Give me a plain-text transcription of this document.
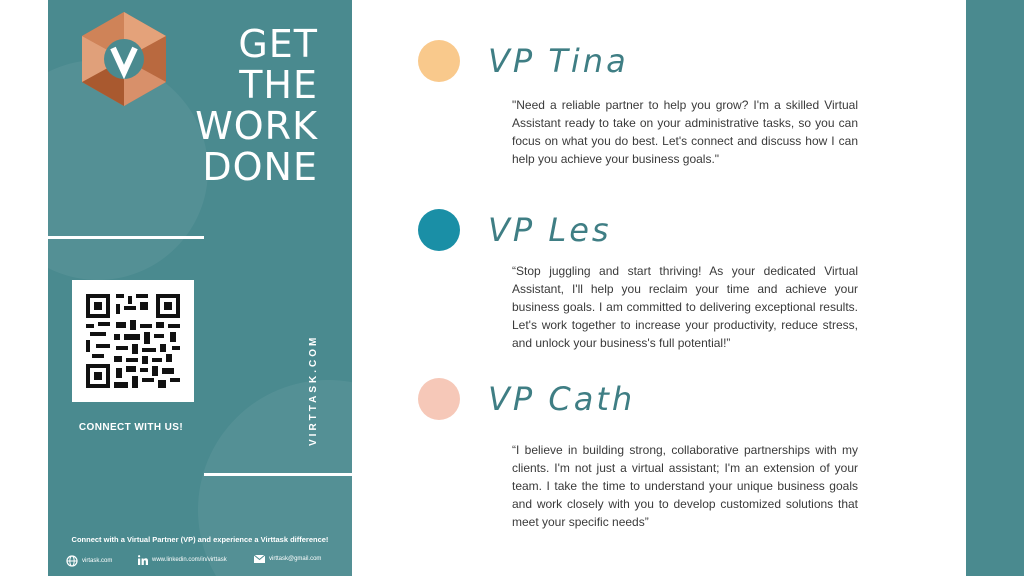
GET
THE
WORK
DONE
CONNECT WITH US!	VIRTTASK.COM
Connect with a Virtual Partner (VP) and experience a Virttask difference!
virtask.com	www.linkedin.com/in/virttask	virttask@gmail.com
VP Tina
"Need a reliable partner to help you grow? I'm a skilled Virtual Assistant ready to take on your administrative tasks, so you can focus on what you do best. Let's connect and discuss how I can help you achieve your business goals."
VP Les
“Stop juggling and start thriving! As your dedicated Virtual Assistant, I'll help you reclaim your time and achieve your business goals. I am committed to delivering exceptional results. Let's work together to increase your productivity, reduce stress, and unlock your business's full potential!”
VP Cath
“I believe in building strong, collaborative partnerships with my clients. I'm not just a virtual assistant; I'm an extension of your team. I take the time to understand your unique business goals and work closely with you to develop customized solutions that meet your specific needs”
